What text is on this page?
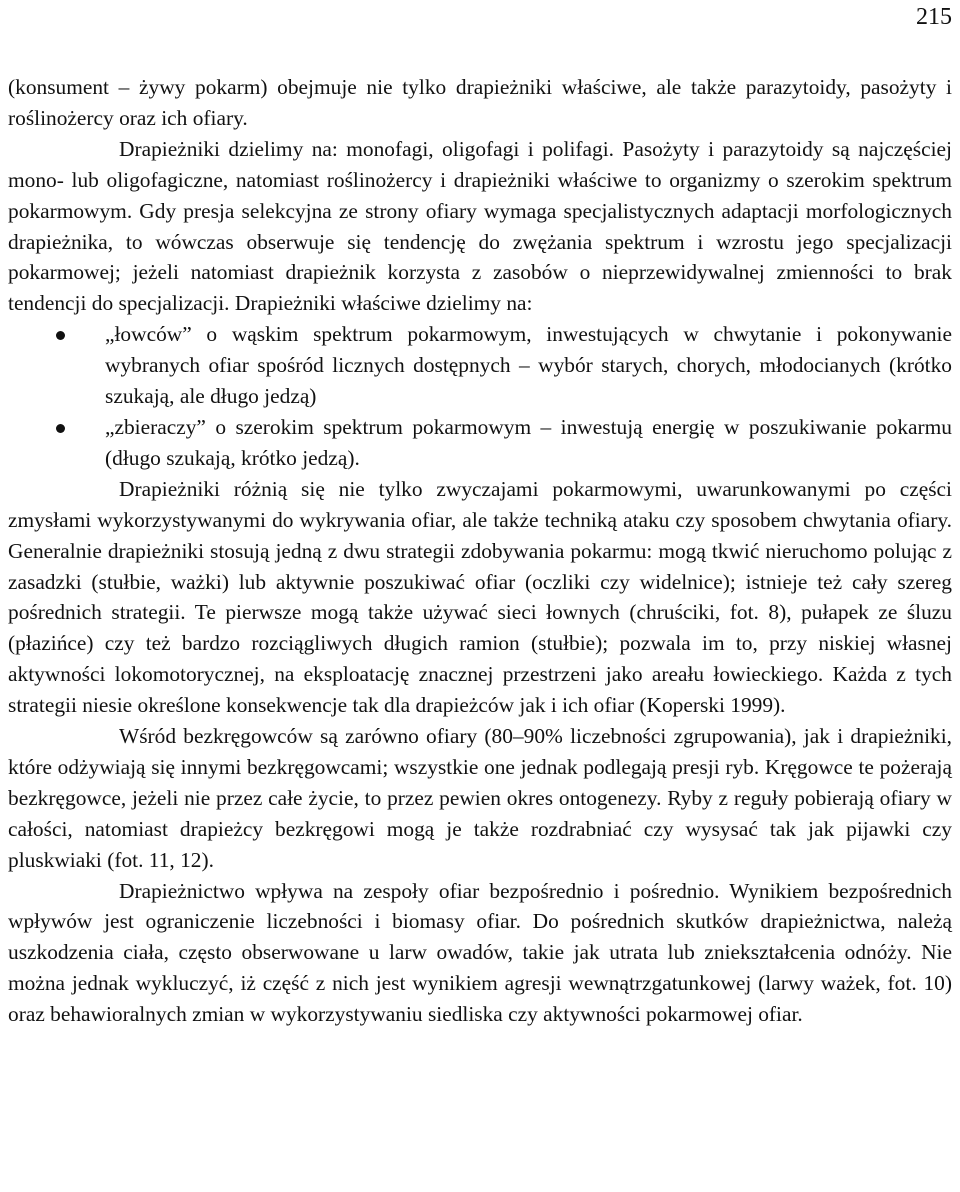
215

(konsument – żywy pokarm) obejmuje nie tylko drapieżniki właściwe, ale także parazytoidy, pasożyty i roślinożercy oraz ich ofiary.

Drapieżniki dzielimy na: monofagi, oligofagi i polifagi. Pasożyty i parazytoidy są najczęściej mono- lub oligofagiczne, natomiast roślinożercy i drapieżniki właściwe to organizmy o szerokim spektrum pokarmowym. Gdy presja selekcyjna ze strony ofiary wymaga specjalistycznych adaptacji morfologicznych drapieżnika, to wówczas obserwuje się tendencję do zwężania spektrum i wzrostu jego specjalizacji pokarmowej; jeżeli natomiast drapieżnik korzysta z zasobów o nieprzewidywalnej zmienności to brak tendencji do specjalizacji. Drapieżniki właściwe dzielimy na:

„łowców” o wąskim spektrum pokarmowym, inwestujących w chwytanie i pokonywanie wybranych ofiar spośród licznych dostępnych – wybór starych, chorych, młodocianych (krótko szukają, ale długo jedzą)
„zbieraczy” o szerokim spektrum pokarmowym – inwestują energię w poszukiwanie pokarmu (długo szukają, krótko jedzą).

Drapieżniki różnią się nie tylko zwyczajami pokarmowymi, uwarunkowanymi po części zmysłami wykorzystywanymi do wykrywania ofiar, ale także techniką ataku czy sposobem chwytania ofiary. Generalnie drapieżniki stosują jedną z dwu strategii zdobywania pokarmu: mogą tkwić nieruchomo polując z zasadzki (stułbie, ważki) lub aktywnie poszukiwać ofiar (oczliki czy widelnice); istnieje też cały szereg pośrednich strategii. Te pierwsze mogą także używać sieci łownych (chruściki, fot. 8), pułapek ze śluzu (płazińce) czy też bardzo rozciągliwych długich ramion (stułbie); pozwala im to, przy niskiej własnej aktywności lokomotorycznej, na eksploatację znacznej przestrzeni jako areału łowieckiego. Każda z tych strategii niesie określone konsekwencje tak dla drapieżców jak i ich ofiar (Koperski 1999).

Wśród bezkręgowców są zarówno ofiary (80–90% liczebności zgrupowania), jak i drapieżniki, które odżywiają się innymi bezkręgowcami; wszystkie one jednak podlegają presji ryb. Kręgowce te pożerają bezkręgowce, jeżeli nie przez całe życie, to przez pewien okres ontogenezy. Ryby z reguły pobierają ofiary w całości, natomiast drapieżcy bezkręgowi mogą je także rozdrabniać czy wysysać tak jak pijawki czy pluskwiaki (fot. 11, 12).

Drapieżnictwo wpływa na zespoły ofiar bezpośrednio i pośrednio. Wynikiem bezpośrednich wpływów jest ograniczenie liczebności i biomasy ofiar. Do pośrednich skutków drapieżnictwa, należą uszkodzenia ciała, często obserwowane u larw owadów, takie jak utrata lub zniekształcenia odnóży. Nie można jednak wykluczyć, iż część z nich jest wynikiem agresji wewnątrzgatunkowej (larwy ważek, fot. 10) oraz behawioralnych zmian w wykorzystywaniu siedliska czy aktywności pokarmowej ofiar.
